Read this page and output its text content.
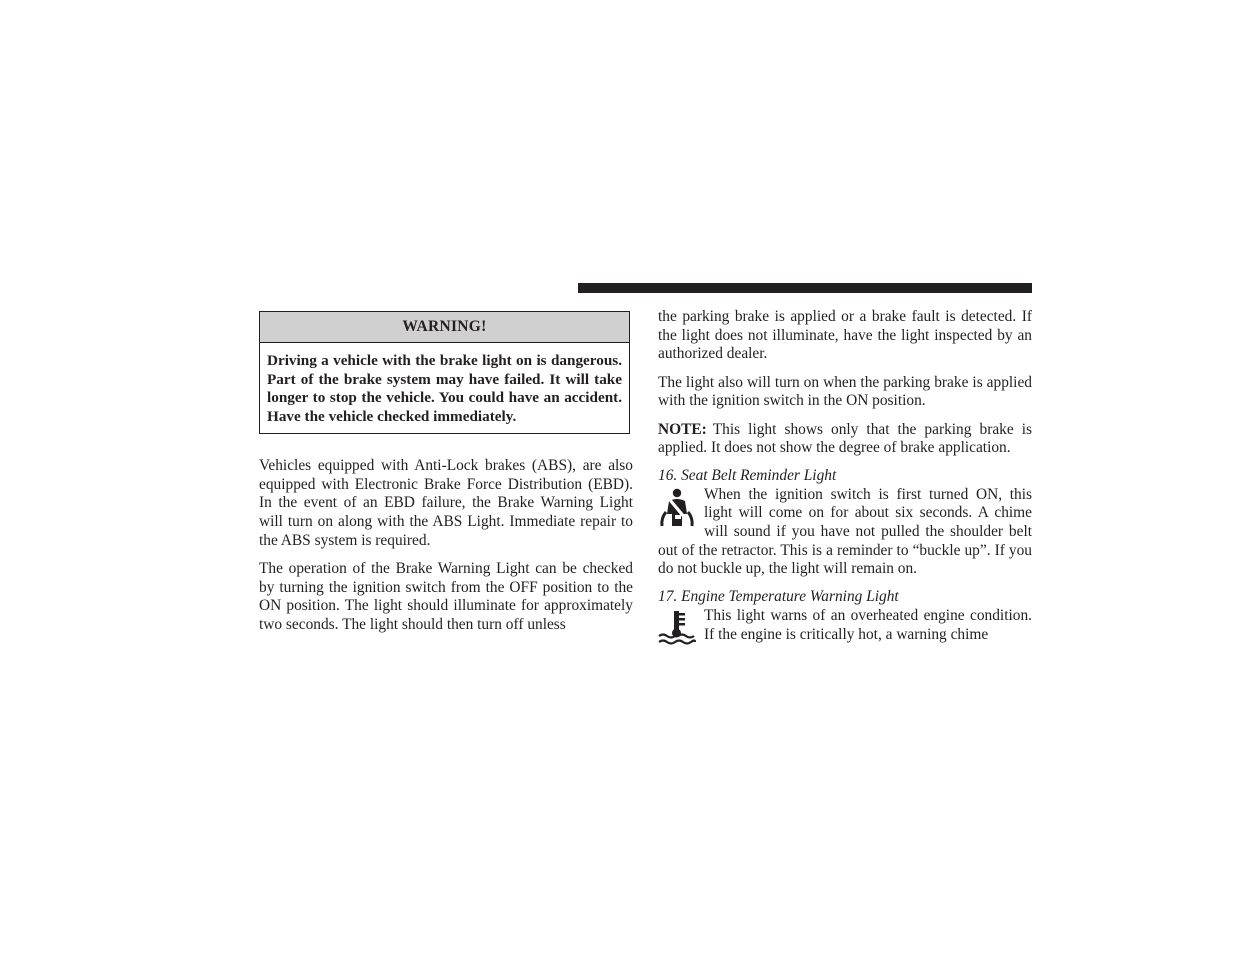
WARNING!
Driving a vehicle with the brake light on is dangerous. Part of the brake system may have failed. It will take longer to stop the vehicle. You could have an accident. Have the vehicle checked immediately.

Vehicles equipped with Anti-Lock brakes (ABS), are also equipped with Electronic Brake Force Distribution (EBD). In the event of an EBD failure, the Brake Warning Light will turn on along with the ABS Light. Immediate repair to the ABS system is required.

The operation of the Brake Warning Light can be checked by turning the ignition switch from the OFF position to the ON position. The light should illuminate for approximately two seconds. The light should then turn off unless

the parking brake is applied or a brake fault is detected. If the light does not illuminate, have the light inspected by an authorized dealer.

The light also will turn on when the parking brake is applied with the ignition switch in the ON position.

NOTE: This light shows only that the parking brake is applied. It does not show the degree of brake application.

16. Seat Belt Reminder Light

When the ignition switch is first turned ON, this light will come on for about six seconds. A chime will sound if you have not pulled the shoulder belt out of the retractor. This is a reminder to “buckle up”. If you do not buckle up, the light will remain on.

17. Engine Temperature Warning Light

This light warns of an overheated engine condition. If the engine is critically hot, a warning chime
